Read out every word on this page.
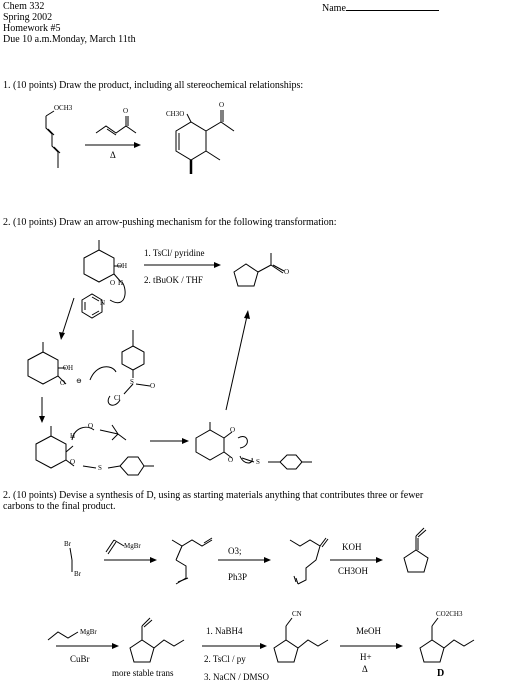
Chem 332
Spring 2002
Homework #5
Due 10 a.m.Monday, March 11th
Name
1. (10 points) Draw the product, including all stereochemical relationships:
2. (10 points) Draw an arrow-pushing mechanism for the following transformation:
2. (10 points) Devise a synthesis of D, using as starting materials anything that contributes three or fewer
carbons to the final product.
OCH3	O
Δ
CH3O
O
1. TsCl/ pyridine
2. tBuOK / THF
OH
O H
N
O
OH
O ⊖	S
Cl
O
O
S
O
H
O
O	S
Br
Br
MgBr	O3;
Ph3P
KOH
CH3OH
MgBr
CuBr
more stable trans
1. NaBH4
2. TsCl / py
3. NaCN / DMSO
CN
MeOH
H+
Δ
CO2CH3
D
